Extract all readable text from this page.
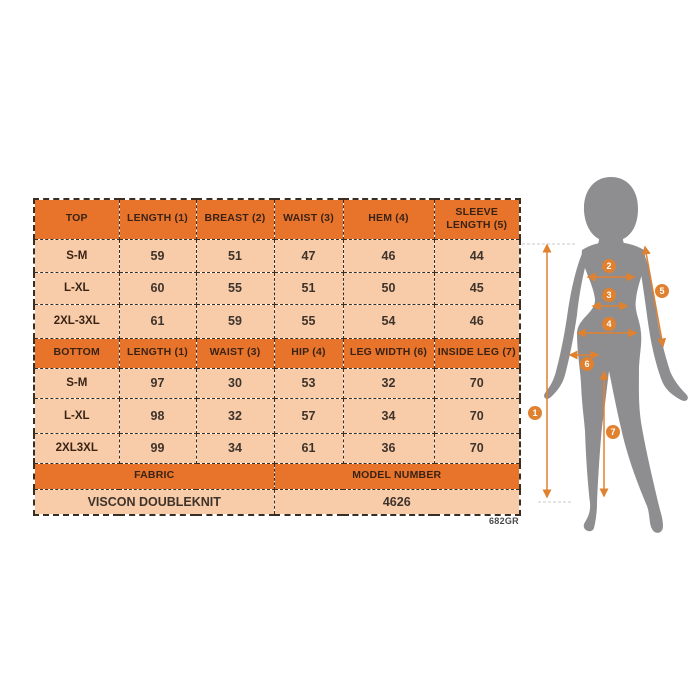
TOP	LENGTH (1)	BREAST (2)	WAIST (3)	HEM (4)	SLEEVE LENGTH (5)
S-M	59	51	47	46	44
L-XL	60	55	51	50	45
2XL-3XL	61	59	55	54	46
BOTTOM	LENGTH (1)	WAIST (3)	HIP (4)	LEG WIDTH (6)	INSIDE LEG (7)
S-M	97	30	53	32	70
L-XL	98	32	57	34	70
2XL3XL	99	34	61	36	70
FABRIC			MODEL NUMBER		
VISCON DOUBLEKNIT			4626		
682GR
1
2
3
4
5
6
7
